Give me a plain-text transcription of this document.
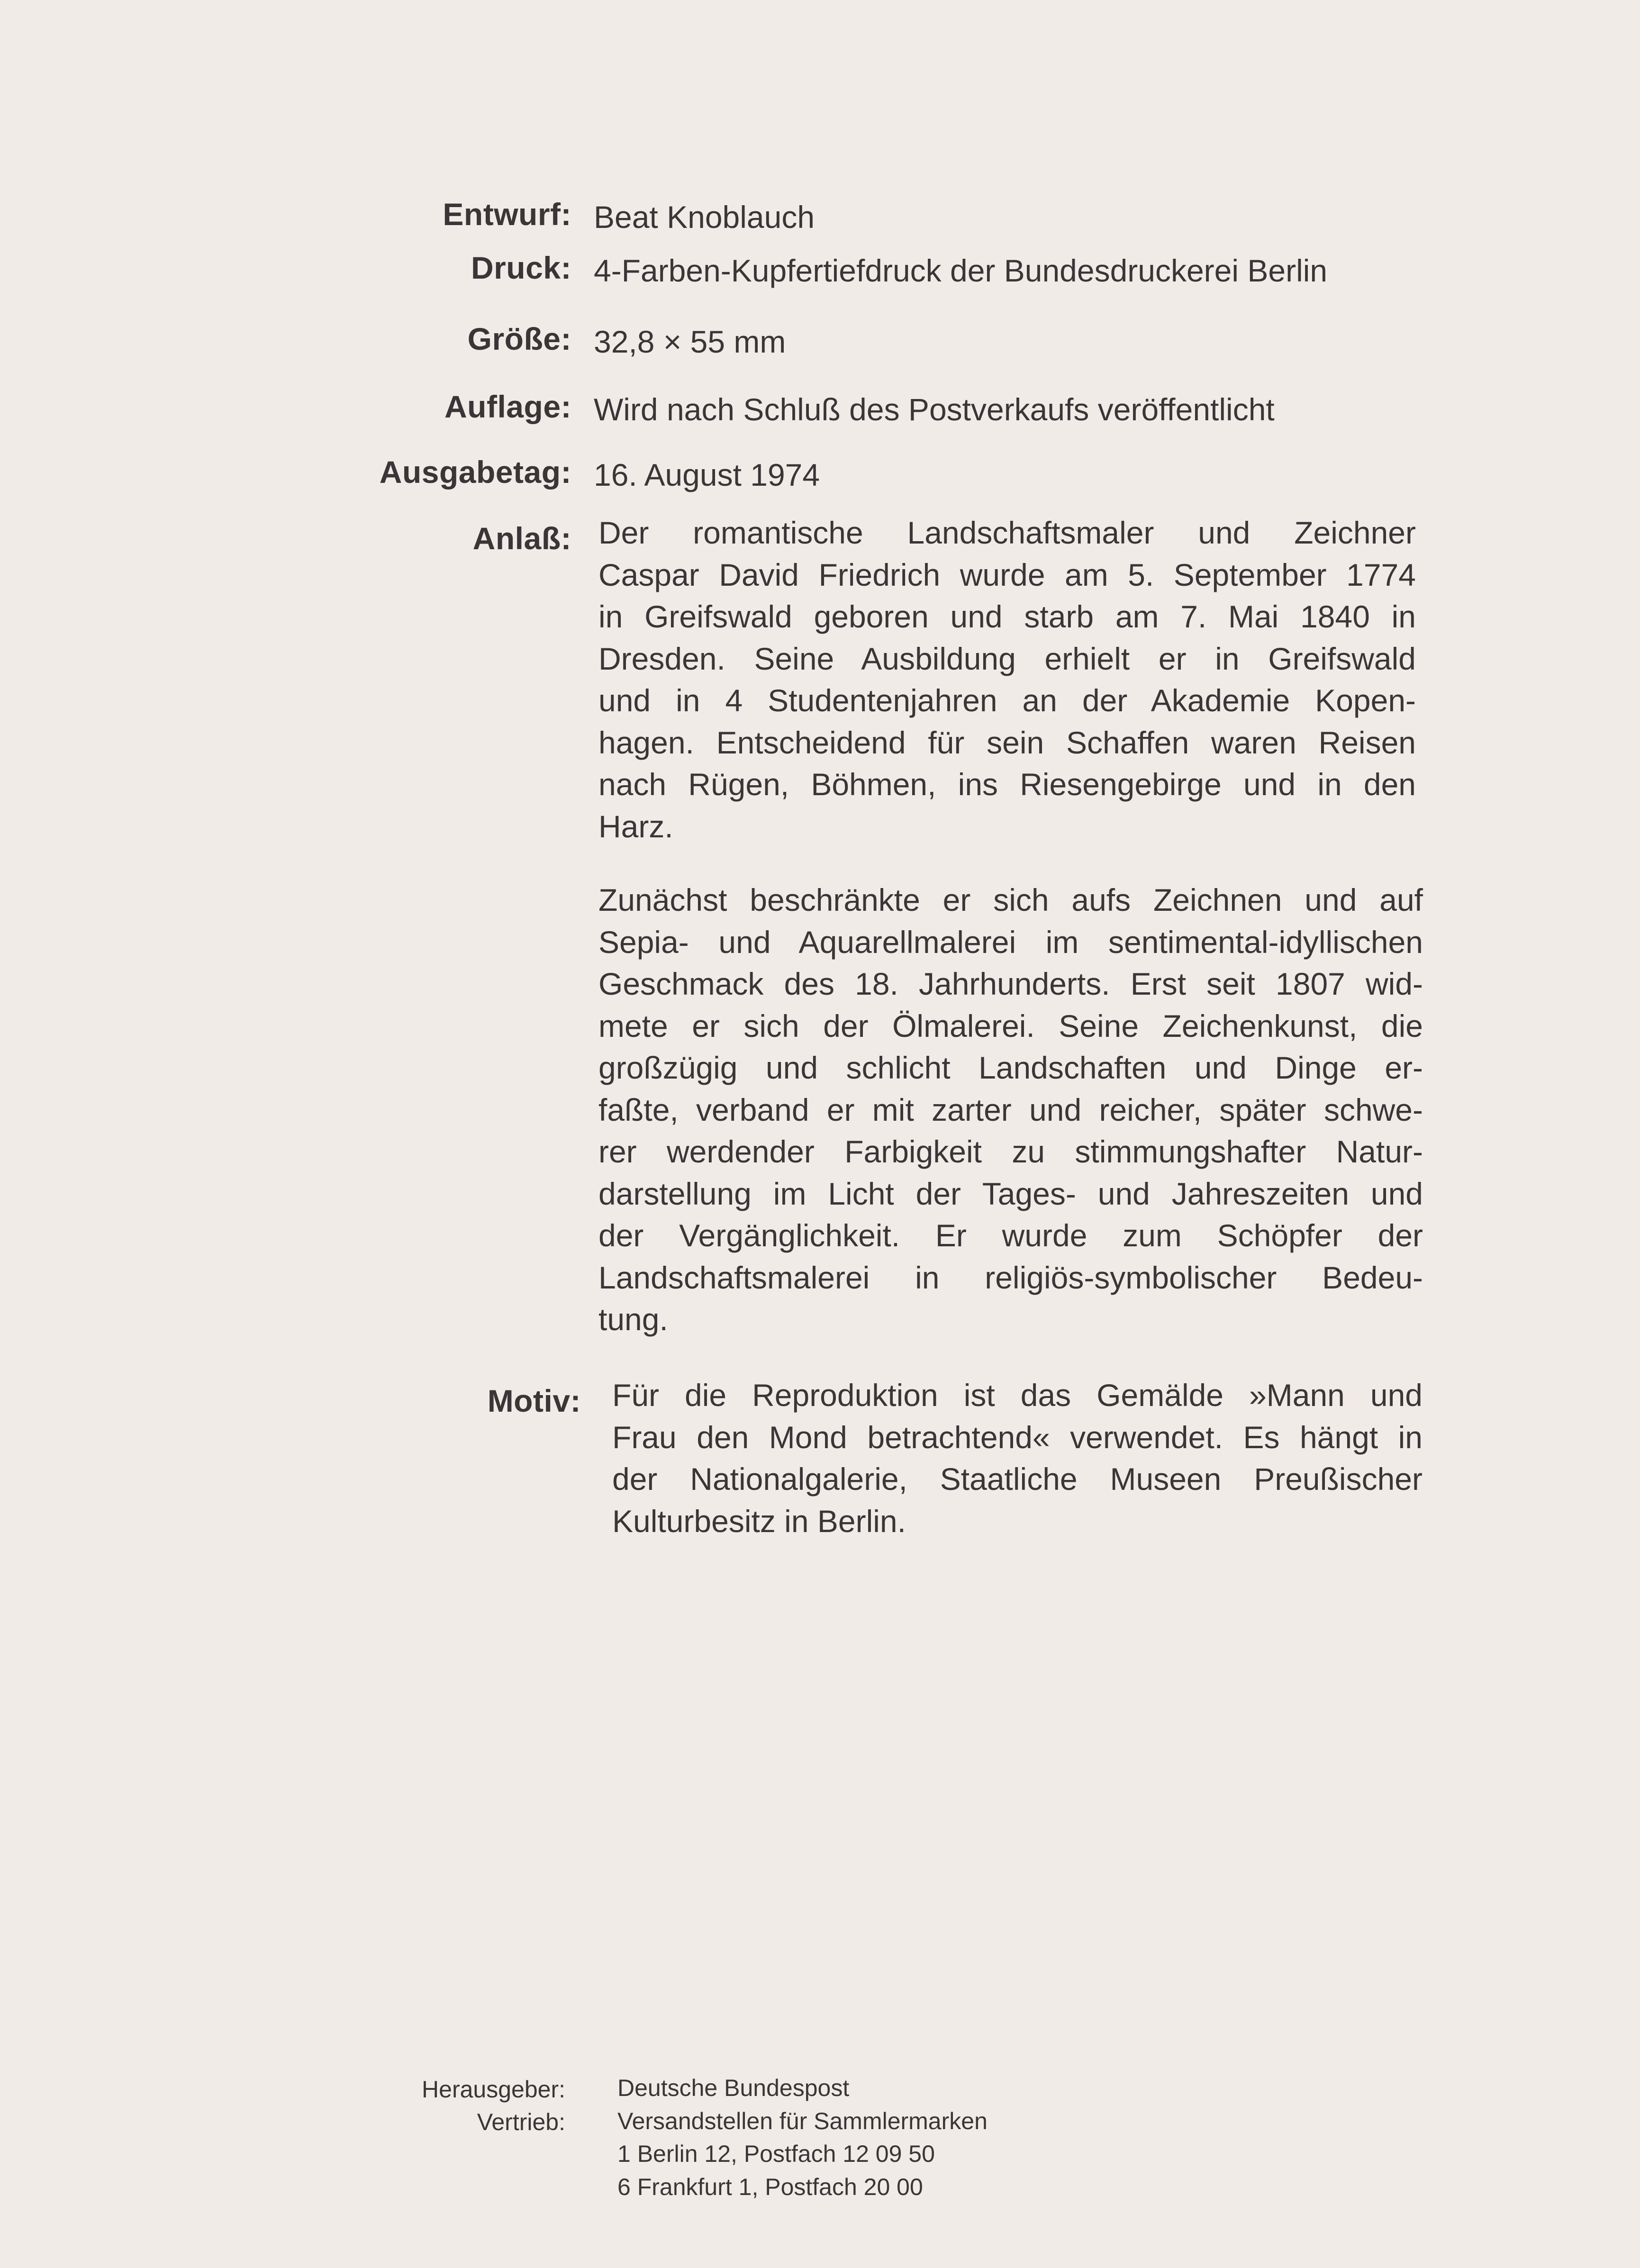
Entwurf: Beat Knoblauch
Druck: 4-Farben-Kupfertiefdruck der Bundesdruckerei Berlin
Größe: 32,8 × 55 mm
Auflage: Wird nach Schluß des Postverkaufs veröffentlicht
Ausgabetag: 16. August 1974
Anlaß: Der romantische Landschaftsmaler und Zeichner
Caspar David Friedrich wurde am 5. September 1774
in Greifswald geboren und starb am 7. Mai 1840 in
Dresden. Seine Ausbildung erhielt er in Greifswald
und in 4 Studentenjahren an der Akademie Kopen-
hagen. Entscheidend für sein Schaffen waren Reisen
nach Rügen, Böhmen, ins Riesengebirge und in den
Harz.
Zunächst beschränkte er sich aufs Zeichnen und auf
Sepia- und Aquarellmalerei im sentimental-idyllischen
Geschmack des 18. Jahrhunderts. Erst seit 1807 wid-
mete er sich der Ölmalerei. Seine Zeichenkunst, die
großzügig und schlicht Landschaften und Dinge er-
faßte, verband er mit zarter und reicher, später schwe-
rer werdender Farbigkeit zu stimmungshafter Natur-
darstellung im Licht der Tages- und Jahreszeiten und
der Vergänglichkeit. Er wurde zum Schöpfer der
Landschaftsmalerei in religiös-symbolischer Bedeu-
tung.
Motiv: Für die Reproduktion ist das Gemälde »Mann und
Frau den Mond betrachtend« verwendet. Es hängt in
der Nationalgalerie, Staatliche Museen Preußischer
Kulturbesitz in Berlin.
Herausgeber:
Vertrieb:
Deutsche Bundespost
Versandstellen für Sammlermarken
1 Berlin 12, Postfach 12 09 50
6 Frankfurt 1, Postfach 20 00
